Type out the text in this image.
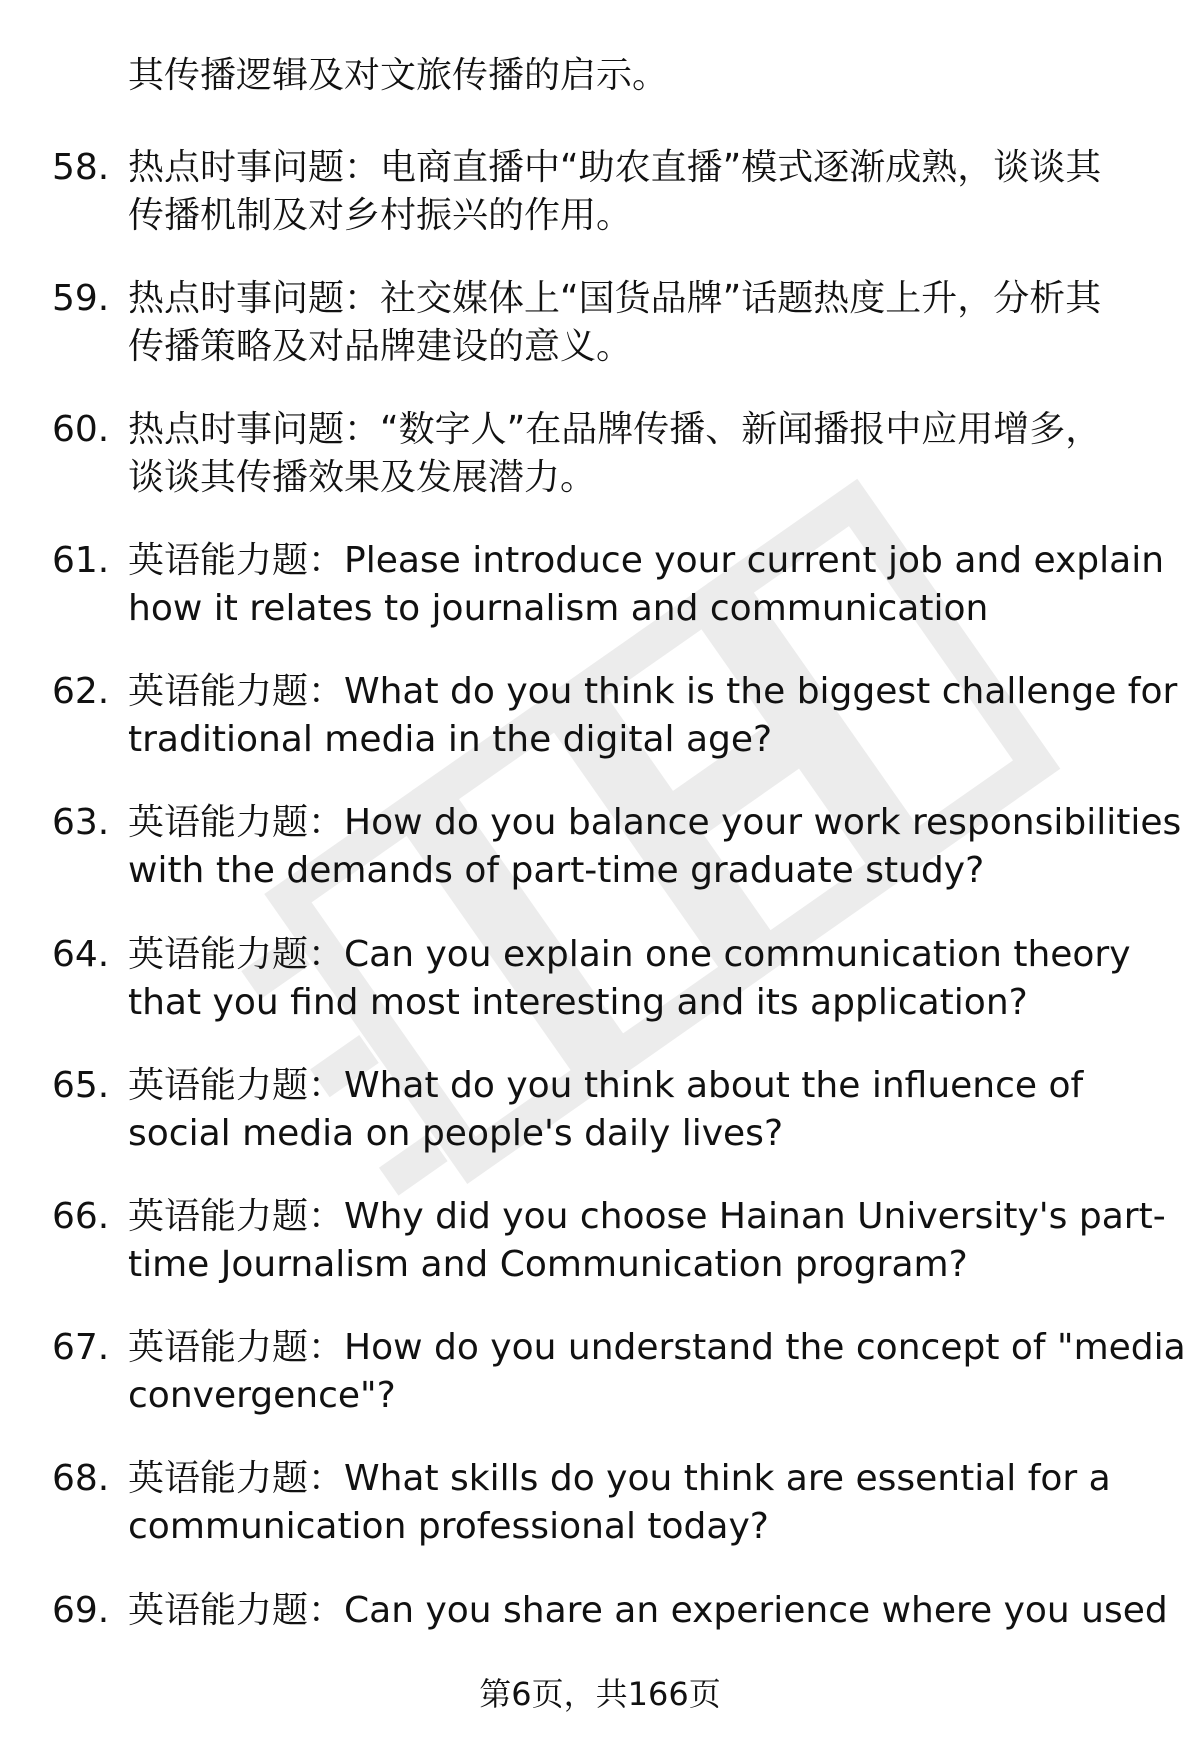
其传播逻辑及对文旅传播的启示。
58. 热点时事问题：电商直播中“助农直播”模式逐渐成熟，谈谈其
传播机制及对乡村振兴的作用。
59. 热点时事问题：社交媒体上“国货品牌”话题热度上升，分析其
传播策略及对品牌建设的意义。
60. 热点时事问题：“数字人”在品牌传播、新闻播报中应用增多，
谈谈其传播效果及发展潜力。
61. 英语能力题：Please introduce your current job and explain
how it relates to journalism and communication
62. 英语能力题：What do you think is the biggest challenge for
traditional media in the digital age?
63. 英语能力题：How do you balance your work responsibilities
with the demands of part-time graduate study?
64. 英语能力题：Can you explain one communication theory
that you find most interesting and its application?
65. 英语能力题：What do you think about the influence of
social media on people's daily lives?
66. 英语能力题：Why did you choose Hainan University's part-
time Journalism and Communication program?
67. 英语能力题：How do you understand the concept of "media
convergence"?
68. 英语能力题：What skills do you think are essential for a
communication professional today?
69. 英语能力题：Can you share an experience where you used
第6页，共166页
